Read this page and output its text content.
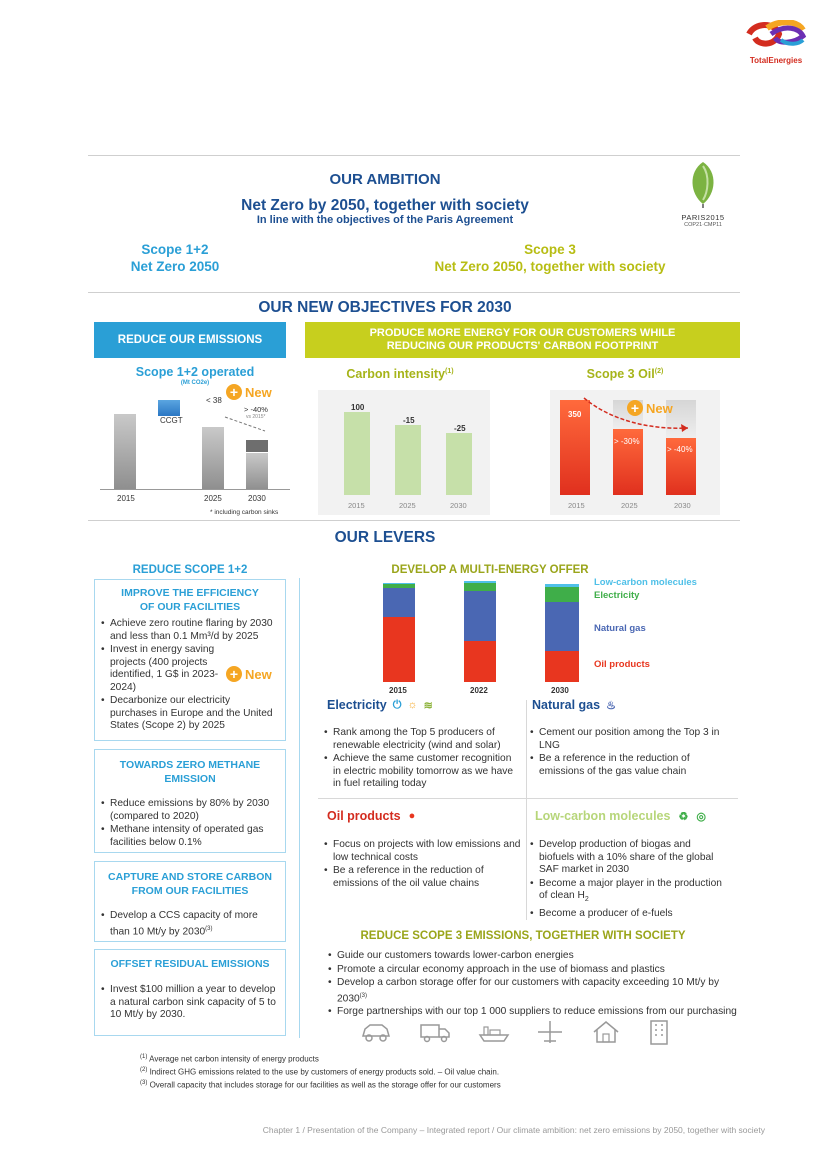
TotalEnergies
OUR AMBITION
Net Zero by 2050, together with society
In line with the objectives of the Paris Agreement	PARIS2015
COP21·CMP11
Scope 1+2
Net Zero 2050
Scope 3
Net Zero 2050, together with society
OUR NEW OBJECTIVES FOR 2030
REDUCE OUR EMISSIONS
PRODUCE MORE ENERGY FOR OUR CUSTOMERS WHILE
REDUCING OUR PRODUCTS' CARBON FOOTPRINT
Scope 1+2 operated
(Mt CO2e)
+ New
CCGT
< 38
> -40%
vs 2015*
2015	2025	2030
* including carbon sinks
Carbon intensity$^{(1)}$
100
-15
-25
2015	2025	2030
Scope 3 Oil$^{(2)}$
350
> -30%
> -40%
2015	2025	2030
+ New
OUR LEVERS
REDUCE SCOPE 1+2
IMPROVE THE EFFICIENCY
OF OUR FACILITIES
• Achieve zero routine flaring by 2030 and less than 0.1 Mm³/d by 2025
• Invest in energy saving projects (400 projects identified, 1 G$ in 2023-2024)
• Decarbonize our electricity purchases in Europe and the United States (Scope 2) by 2025
+ New
TOWARDS ZERO METHANE
EMISSION
• Reduce emissions by 80% by 2030 (compared to 2020)
• Methane intensity of operated gas facilities below 0.1%
CAPTURE AND STORE CARBON
FROM OUR FACILITIES
• Develop a CCS capacity of more than 10 Mt/y by 2030$^{(3)}$
OFFSET RESIDUAL EMISSIONS
• Invest $100 million a year to develop a natural carbon sink capacity of 5 to 10 Mt/y by 2030.
DEVELOP A MULTI-ENERGY OFFER
2015	2022	2030
Low-carbon molecules
Electricity
Natural gas
Oil products
Electricity ⏻ ☼ ≋
• Rank among the Top 5 producers of renewable electricity (wind and solar)
• Achieve the same customer recognition in electric mobility tomorrow as we have in fuel retailing today
Natural gas ♨
• Cement our position among the Top 3 in LNG
• Be a reference in the reduction of emissions of the gas value chain
Oil products ●
• Focus on projects with low emissions and low technical costs
• Be a reference in the reduction of emissions of the oil value chains
Low-carbon molecules ♻ ◎
• Develop production of biogas and biofuels with a 10% share of the global SAF market in 2030
• Become a major player in the production of clean $H_2$
• Become a producer of e-fuels
REDUCE SCOPE 3 EMISSIONS, TOGETHER WITH SOCIETY
• Guide our customers towards lower-carbon energies
• Promote a circular economy approach in the use of biomass and plastics
• Develop a carbon storage offer for our customers with capacity exceeding 10 Mt/y by 2030$^{(3)}$
• Forge partnerships with our top 1 000 suppliers to reduce emissions from our purchasing
$^{(1)}$ Average net carbon intensity of energy products
$^{(2)}$ Indirect GHG emissions related to the use by customers of energy products sold. – Oil value chain.
$^{(3)}$ Overall capacity that includes storage for our facilities as well as the storage offer for our customers
Chapter 1 / Presentation of the Company – Integrated report / Our climate ambition: net zero emissions by 2050, together with society
